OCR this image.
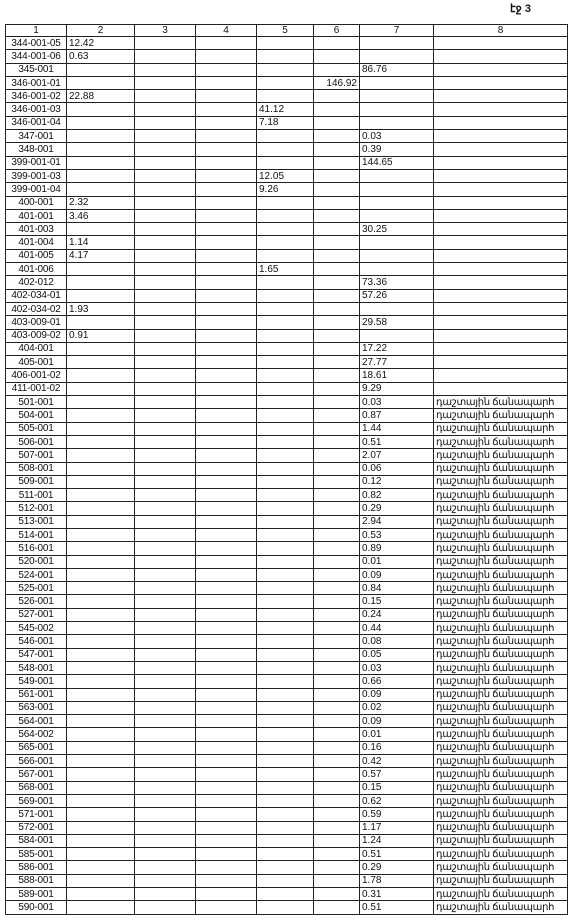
էջ 3
1	2	3	4	5	6	7	8
344-001-05	12.42						
344-001-06	0.63						
345-001						86.76	
346-001-01					146.92		
346-001-02	22.88						
346-001-03				41.12			
346-001-04				7.18			
347-001						0.03	
348-001						0.39	
399-001-01						144.65	
399-001-03				12.05			
399-001-04				9.26			
400-001	2.32						
401-001	3.46						
401-003						30.25	
401-004	1.14						
401-005	4.17						
401-006				1.65			
402-012						73.36	
402-034-01						57.26	
402-034-02	1.93						
403-009-01						29.58	
403-009-02	0.91						
404-001						17.22	
405-001						27.77	
406-001-02						18.61	
411-001-02						9.29	
501-001						0.03	դաշտային ճանապարհ
504-001						0.87	դաշտային ճանապարհ
505-001						1.44	դաշտային ճանապարհ
506-001						0.51	դաշտային ճանապարհ
507-001						2.07	դաշտային ճանապարհ
508-001						0.06	դաշտային ճանապարհ
509-001						0.12	դաշտային ճանապարհ
511-001						0.82	դաշտային ճանապարհ
512-001						0.29	դաշտային ճանապարհ
513-001						2.94	դաշտային ճանապարհ
514-001						0.53	դաշտային ճանապարհ
516-001						0.89	դաշտային ճանապարհ
520-001						0.01	դաշտային ճանապարհ
524-001						0.09	դաշտային ճանապարհ
525-001						0.84	դաշտային ճանապարհ
526-001						0.15	դաշտային ճանապարհ
527-001						0.24	դաշտային ճանապարհ
545-002						0.44	դաշտային ճանապարհ
546-001						0.08	դաշտային ճանապարհ
547-001						0.05	դաշտային ճանապարհ
548-001						0.03	դաշտային ճանապարհ
549-001						0.66	դաշտային ճանապարհ
561-001						0.09	դաշտային ճանապարհ
563-001						0.02	դաշտային ճանապարհ
564-001						0.09	դաշտային ճանապարհ
564-002						0.01	դաշտային ճանապարհ
565-001						0.16	դաշտային ճանապարհ
566-001						0.42	դաշտային ճանապարհ
567-001						0.57	դաշտային ճանապարհ
568-001						0.15	դաշտային ճանապարհ
569-001						0.62	դաշտային ճանապարհ
571-001						0.59	դաշտային ճանապարհ
572-001						1.17	դաշտային ճանապարհ
584-001						1.24	դաշտային ճանապարհ
585-001						0.51	դաշտային ճանապարհ
586-001						0.29	դաշտային ճանապարհ
588-001						1.78	դաշտային ճանապարհ
589-001						0.31	դաշտային ճանապարհ
590-001						0.51	դաշտային ճանապարհ
